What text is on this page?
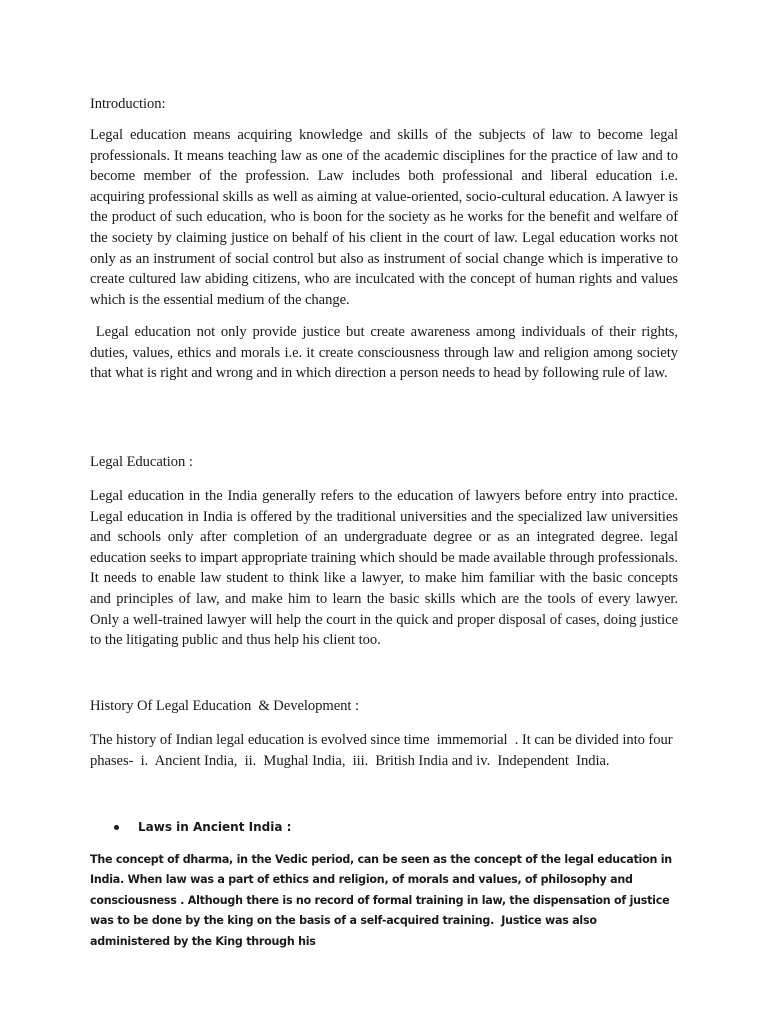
Introduction:

Legal education means acquiring knowledge and skills of the subjects of law to become legal professionals. It means teaching law as one of the academic disciplines for the practice of law and to become member of the profession. Law includes both professional and liberal education i.e. acquiring professional skills as well as aiming at value-oriented, socio-cultural education. A lawyer is the product of such education, who is boon for the society as he works for the benefit and welfare of the society by claiming justice on behalf of his client in the court of law. Legal education works not only as an instrument of social control but also as instrument of social change which is imperative to create cultured law abiding citizens, who are inculcated with the concept of human rights and values which is the essential medium of the change.

Legal education not only provide justice but create awareness among individuals of their rights, duties, values, ethics and morals i.e. it create consciousness through law and religion among society that what is right and wrong and in which direction a person needs to head by following rule of law.

Legal Education :

Legal education in the India generally refers to the education of lawyers before entry into practice. Legal education in India is offered by the traditional universities and the specialized law universities and schools only after completion of an undergraduate degree or as an integrated degree. legal education seeks to impart appropriate training which should be made available through professionals. It needs to enable law student to think like a lawyer, to make him familiar with the basic concepts and principles of law, and make him to learn the basic skills which are the tools of every lawyer. Only a well-trained lawyer will help the court in the quick and proper disposal of cases, doing justice to the litigating public and thus help his client too.

History Of Legal Education  & Development :

The history of Indian legal education is evolved since time  immemorial  . It can be divided into four phases-  i.  Ancient India,  ii.  Mughal India,  iii.  British India and iv.  Independent  India.

Laws in Ancient India :

The concept of dharma, in the Vedic period, can be seen as the concept of the legal education in India. When law was a part of ethics and religion, of morals and values, of philosophy and consciousness . Although there is no record of formal training in law, the dispensation of justice was to be done by the king on the basis of a self-acquired training.  Justice was also administered by the King through his
